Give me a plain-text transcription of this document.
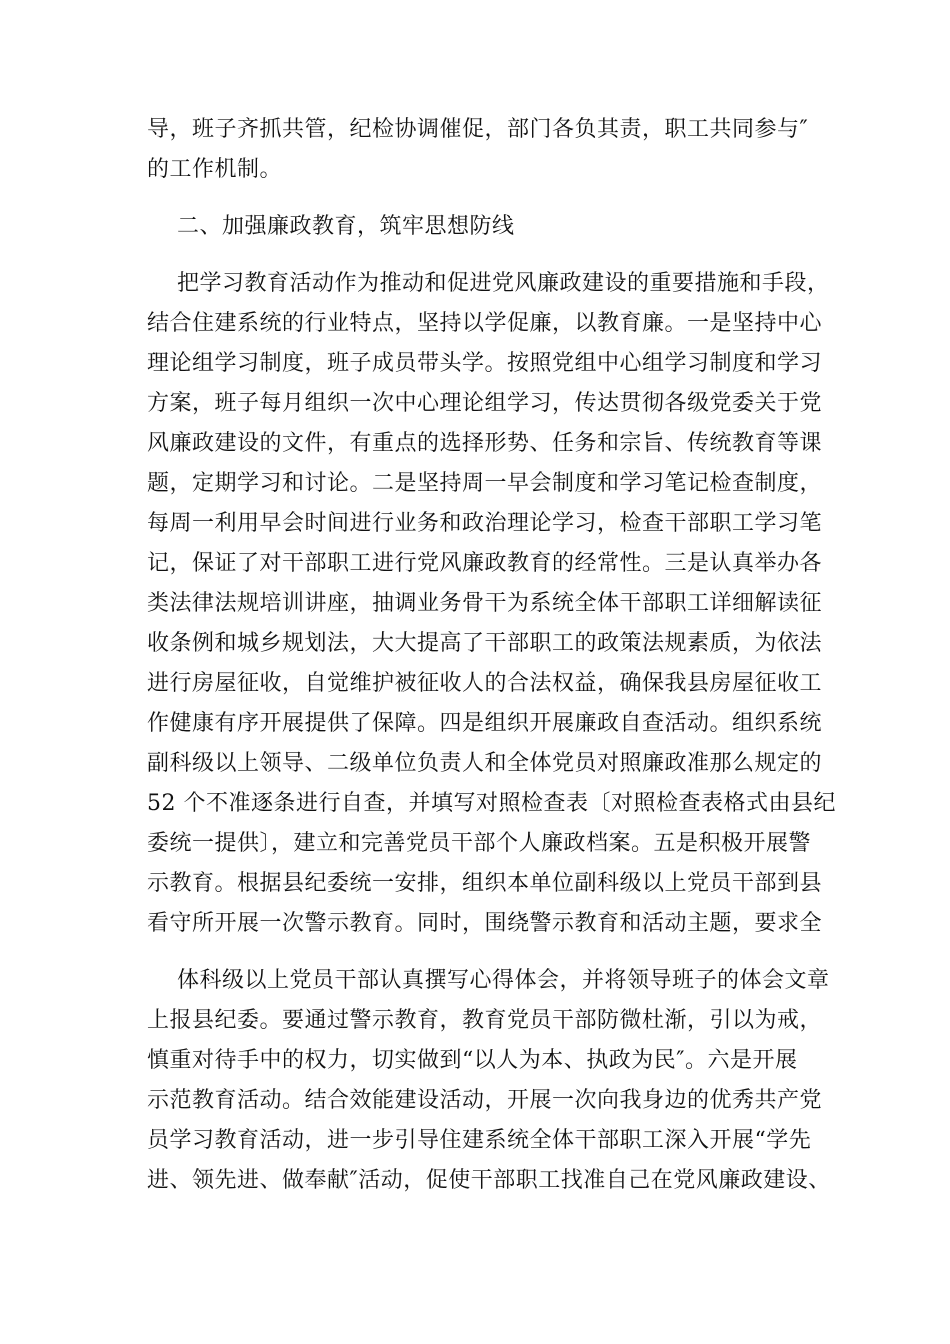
导，班子齐抓共管，纪检协调催促，部门各负其责，职工共同参与″
的工作机制。
二、加强廉政教育，筑牢思想防线
把学习教育活动作为推动和促进党风廉政建设的重要措施和手段，
结合住建系统的行业特点，坚持以学促廉，以教育廉。一是坚持中心
理论组学习制度，班子成员带头学。按照党组中心组学习制度和学习
方案，班子每月组织一次中心理论组学习，传达贯彻各级党委关于党
风廉政建设的文件，有重点的选择形势、任务和宗旨、传统教育等课
题，定期学习和讨论。二是坚持周一早会制度和学习笔记检查制度，
每周一利用早会时间进行业务和政治理论学习，检查干部职工学习笔
记，保证了对干部职工进行党风廉政教育的经常性。三是认真举办各
类法律法规培训讲座，抽调业务骨干为系统全体干部职工详细解读征
收条例和城乡规划法，大大提高了干部职工的政策法规素质，为依法
进行房屋征收，自觉维护被征收人的合法权益，确保我县房屋征收工
作健康有序开展提供了保障。四是组织开展廉政自查活动。组织系统
副科级以上领导、二级单位负责人和全体党员对照廉政准那么规定的
52 个不准逐条进行自查，并填写对照检查表〔对照检查表格式由县纪
委统一提供〕，建立和完善党员干部个人廉政档案。五是积极开展警
示教育。根据县纪委统一安排，组织本单位副科级以上党员干部到县
看守所开展一次警示教育。同时，围绕警示教育和活动主题，要求全
体科级以上党员干部认真撰写心得体会，并将领导班子的体会文章
上报县纪委。要通过警示教育，教育党员干部防微杜渐，引以为戒，
慎重对待手中的权力，切实做到“以人为本、执政为民″。六是开展
示范教育活动。结合效能建设活动，开展一次向我身边的优秀共产党
员学习教育活动，进一步引导住建系统全体干部职工深入开展“学先
进、领先进、做奉献″活动，促使干部职工找准自己在党风廉政建设、
